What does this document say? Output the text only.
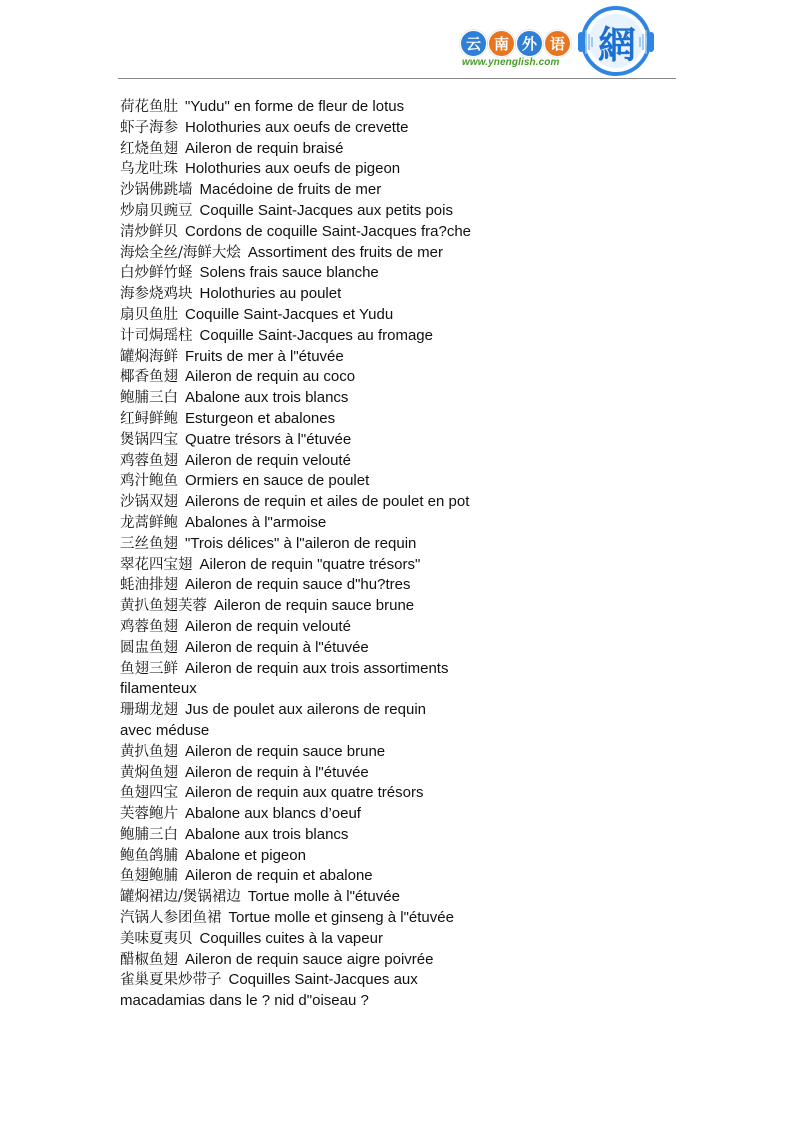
云 南 外 语
www.ynenglish.com 網
荷花鱼肚 "Yudu" en forme de fleur de lotus
虾子海参 Holothuries aux oeufs de crevette
红烧鱼翅 Aileron de requin braisé
乌龙吐珠 Holothuries aux oeufs de pigeon
沙锅佛跳墙 Macédoine de fruits de mer
炒扇贝豌豆 Coquille Saint-Jacques aux petits pois
清炒鲜贝 Cordons de coquille Saint-Jacques fra?che
海烩全丝/海鲜大烩 Assortiment des fruits de mer
白炒鲜竹蛏 Solens frais sauce blanche
海参烧鸡块 Holothuries au poulet
扇贝鱼肚 Coquille Saint-Jacques et Yudu
计司焗瑶柱 Coquille Saint-Jacques au fromage
罐焖海鲜 Fruits de mer à l"étuvée
椰香鱼翅 Aileron de requin au coco
鲍脯三白 Abalone aux trois blancs
红鲟鲜鲍 Esturgeon et abalones
煲锅四宝 Quatre trésors à l"étuvée
鸡蓉鱼翅 Aileron de requin velouté
鸡汁鲍鱼 Ormiers en sauce de poulet
沙锅双翅 Ailerons de requin et ailes de poulet en pot
龙蒿鲜鲍 Abalones à l"armoise
三丝鱼翅 "Trois délices" à l"aileron de requin
翠花四宝翅 Aileron de requin "quatre trésors"
蚝油排翅 Aileron de requin sauce d"hu?tres
黄扒鱼翅芙蓉 Aileron de requin sauce brune
鸡蓉鱼翅 Aileron de requin velouté
圆盅鱼翅 Aileron de requin à l"étuvée
鱼翅三鲜 Aileron de requin aux trois assortiments
filamenteux
珊瑚龙翅 Jus de poulet aux ailerons de requin
avec méduse
黄扒鱼翅 Aileron de requin sauce brune
黄焖鱼翅 Aileron de requin à l"étuvée
鱼翅四宝 Aileron de requin aux quatre trésors
芙蓉鲍片 Abalone aux blancs d’oeuf
鲍脯三白 Abalone aux trois blancs
鲍鱼鸽脯 Abalone et pigeon
鱼翅鲍脯 Aileron de requin et abalone
罐焖裙边/煲锅裙边 Tortue molle à l"étuvée
汽锅人参团鱼裙 Tortue molle et ginseng à l"étuvée
美味夏夷贝 Coquilles cuites à la vapeur
醋椒鱼翅 Aileron de requin sauce aigre poivrée
雀巢夏果炒带子 Coquilles Saint-Jacques aux
macadamias dans le ? nid d"oiseau ?
